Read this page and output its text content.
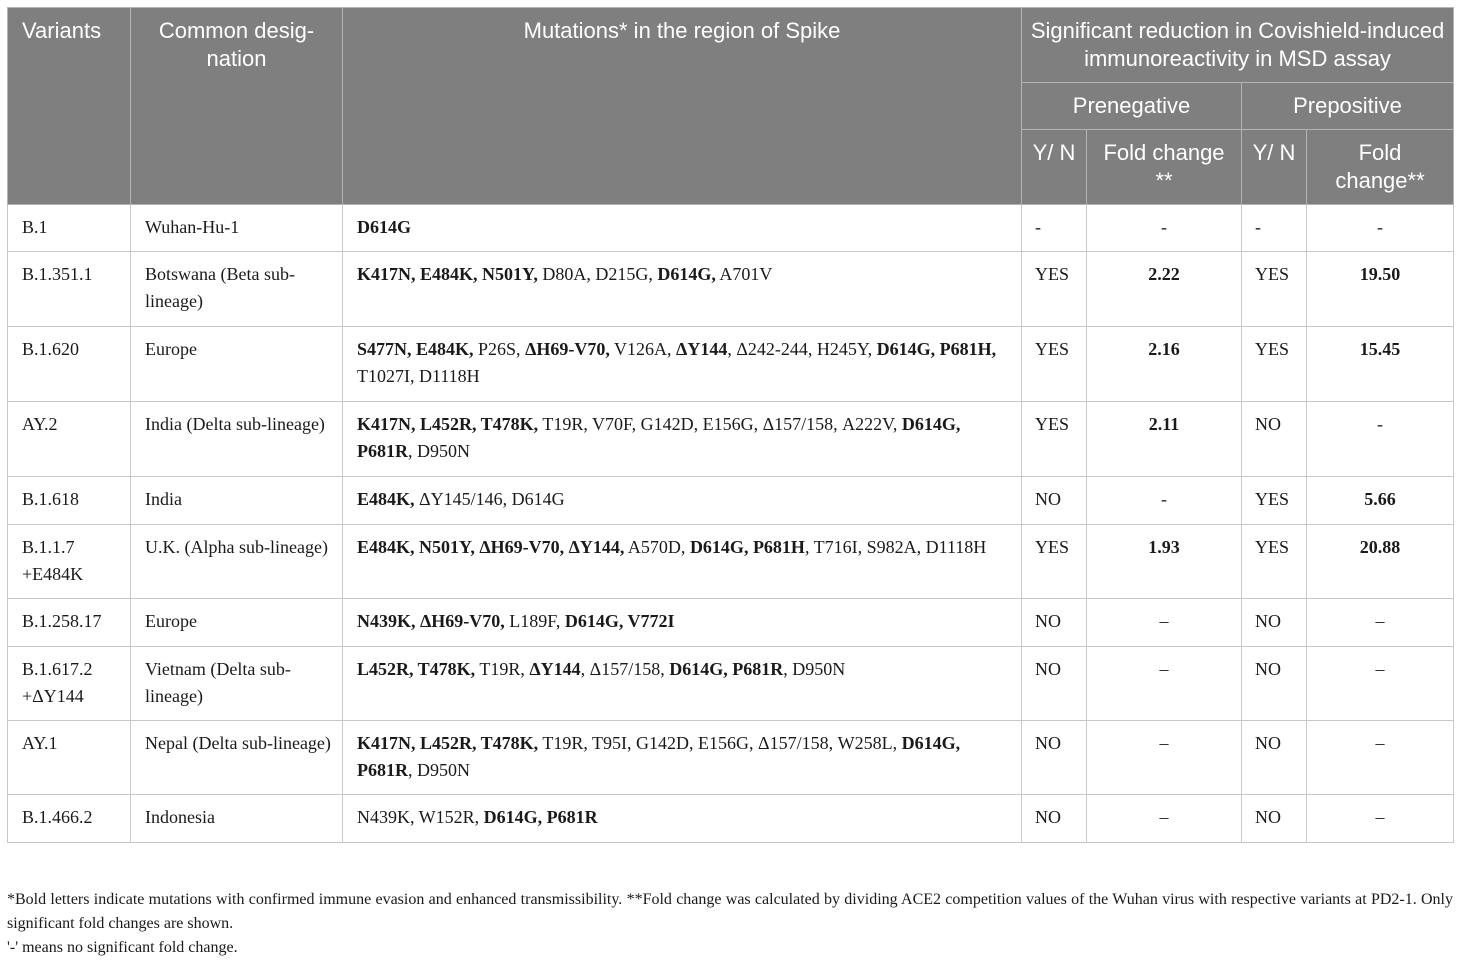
Variants	Common desig- nation	Mutations* in the region of Spike	Significant reduction in Covishield-induced immunoreactivity in MSD assay			
			Prenegative		Prepositive	
			Y/ N	Fold change **	Y/ N	Fold change**
B.1	Wuhan-Hu-1	D614G	-	-	-	-
B.1.351.1	Botswana (Beta sub-lineage)	K417N, E484K, N501Y, D80A, D215G, D614G, A701V	YES	2.22	YES	19.50
B.1.620	Europe	S477N, E484K, P26S, ΔH69-V70, V126A, ΔY144, Δ242-244, H245Y, D614G, P681H, T1027I, D1118H	YES	2.16	YES	15.45
AY.2	India (Delta sub-lineage)	K417N, L452R, T478K, T19R, V70F, G142D, E156G, Δ157/158, A222V, D614G, P681R, D950N	YES	2.11	NO	-
B.1.618	India	E484K, ΔY145/146, D614G	NO	-	YES	5.66
B.1.1.7 +E484K	U.K. (Alpha sub-lineage)	E484K, N501Y, ΔH69-V70, ΔY144, A570D, D614G, P681H, T716I, S982A, D1118H	YES	1.93	YES	20.88
B.1.258.17	Europe	N439K, ΔH69-V70, L189F, D614G, V772I	NO	–	NO	–
B.1.617.2 +ΔY144	Vietnam (Delta sub-lineage)	L452R, T478K, T19R, ΔY144, Δ157/158, D614G, P681R, D950N	NO	–	NO	–
AY.1	Nepal (Delta sub-lineage)	K417N, L452R, T478K, T19R, T95I, G142D, E156G, Δ157/158, W258L, D614G, P681R, D950N	NO	–	NO	–
B.1.466.2	Indonesia	N439K, W152R, D614G, P681R	NO	–	NO	–

*Bold letters indicate mutations with confirmed immune evasion and enhanced transmissibility. **Fold change was calculated by dividing ACE2 competition values of the Wuhan virus with respective variants at PD2-1. Only significant fold changes are shown.

'-' means no significant fold change.
